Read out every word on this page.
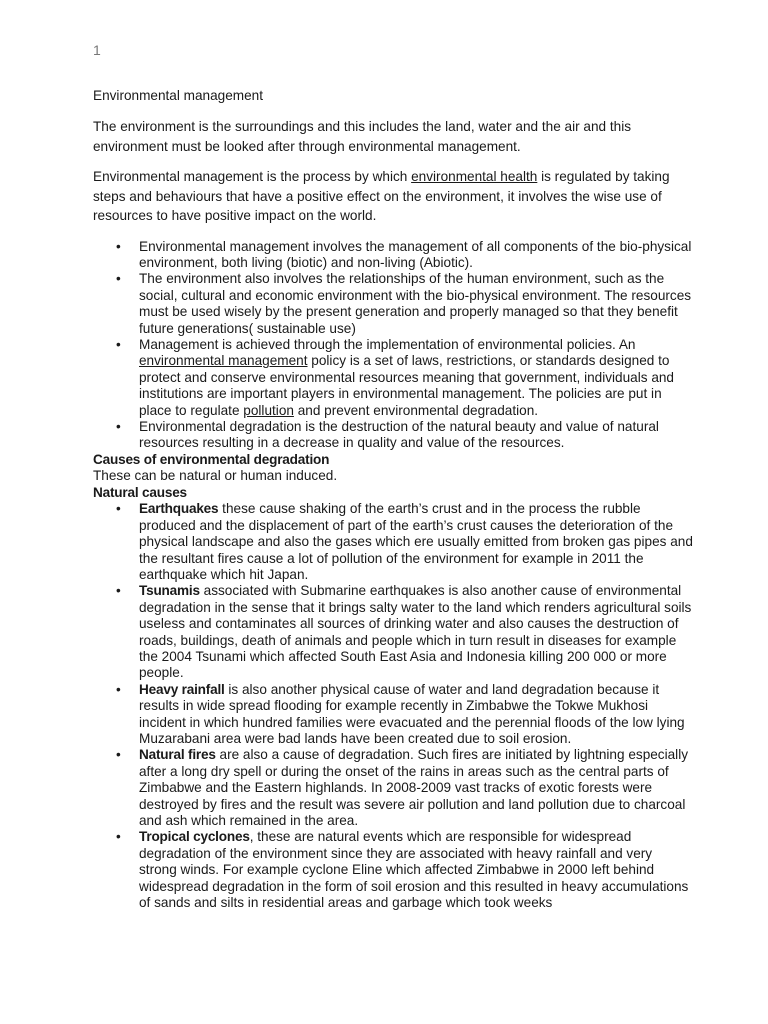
1

Environmental management

The environment is the surroundings and this includes the land, water and the air and this environment must be looked after through environmental management.

Environmental management is the process by which environmental health is regulated by taking steps and behaviours that have a positive effect on the environment, it involves the wise use of resources to have positive impact on the world.

• Environmental management involves the management of all components of the bio-physical environment, both living (biotic) and non-living (Abiotic).
• The environment also involves the relationships of the human environment, such as the social, cultural and economic environment with the bio-physical environment. The resources must be used wisely by the present generation and properly managed so that they benefit future generations( sustainable use)
• Management is achieved through the implementation of environmental policies. An environmental management policy is a set of laws, restrictions, or standards designed to protect and conserve environmental resources meaning that government, individuals and institutions are important players in environmental management. The policies are put in place to regulate pollution and prevent environmental degradation.
• Environmental degradation is the destruction of the natural beauty and value of natural resources resulting in a decrease in quality and value of the resources.

Causes of environmental degradation

These can be natural or human induced.

Natural causes

• Earthquakes these cause shaking of the earth’s crust and in the process the rubble produced and the displacement of part of the earth’s crust causes the deterioration of the physical landscape and also the gases which ere usually emitted from broken gas pipes and the resultant fires cause a lot of pollution of the environment for example in 2011 the earthquake which hit Japan.
• Tsunamis associated with Submarine earthquakes is also another cause of environmental degradation in the sense that it brings salty water to the land which renders agricultural soils useless and contaminates all sources of drinking water and also causes the destruction of roads, buildings, death of animals and people which in turn result in diseases for example the 2004 Tsunami which affected South East Asia and Indonesia killing 200 000 or more people.
• Heavy rainfall is also another physical cause of water and land degradation because it results in wide spread flooding for example recently in Zimbabwe the Tokwe Mukhosi incident in which hundred families were evacuated and the perennial floods of the low lying Muzarabani area were bad lands have been created due to soil erosion.
• Natural fires are also a cause of degradation. Such fires are initiated by lightning especially after a long dry spell or during the onset of the rains in areas such as the central parts of Zimbabwe and the Eastern highlands. In 2008-2009 vast tracks of exotic forests were destroyed by fires and the result was severe air pollution and land pollution due to charcoal and ash which remained in the area.
• Tropical cyclones, these are natural events which are responsible for widespread degradation of the environment since they are associated with heavy rainfall and very strong winds. For example cyclone Eline which affected Zimbabwe in 2000 left behind widespread degradation in the form of soil erosion and this resulted in heavy accumulations of sands and silts in residential areas and garbage which took weeks
